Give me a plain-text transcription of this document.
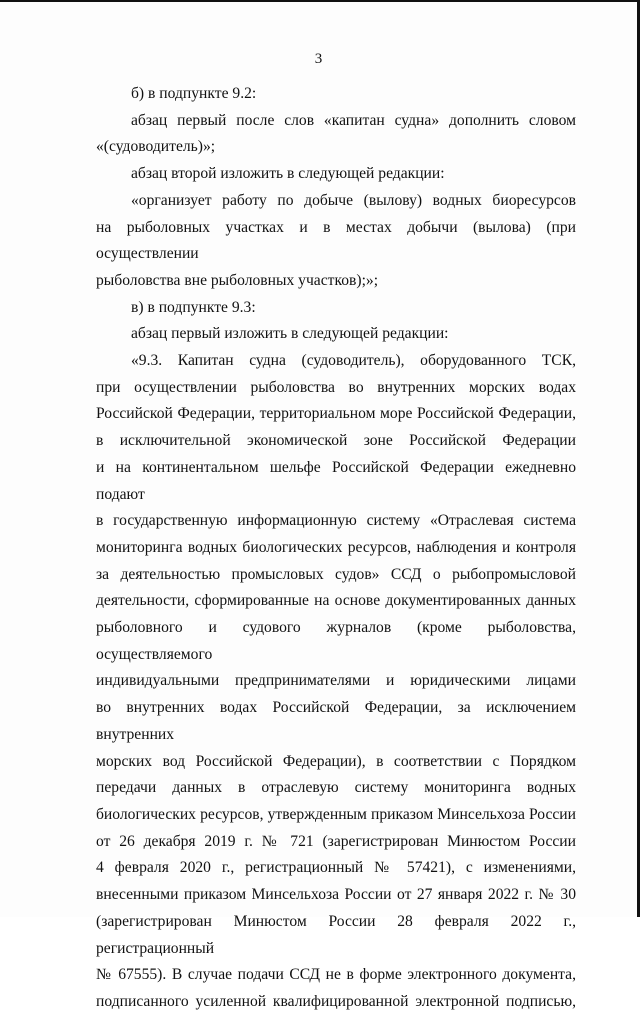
3

б) в подпункте 9.2:

абзац первый после слов «капитан судна» дополнить словом

«(судоводитель)»;

абзац второй изложить в следующей редакции:

«организует работу по добыче (вылову) водных биоресурсов

на рыболовных участках и в местах добычи (вылова) (при осуществлении

рыболовства вне рыболовных участков);»;

в) в подпункте 9.3:

абзац первый изложить в следующей редакции:

«9.3. Капитан судна (судоводитель), оборудованного ТСК,

при осуществлении рыболовства во внутренних морских водах

Российской Федерации, территориальном море Российской Федерации,

в исключительной экономической зоне Российской Федерации

и на континентальном шельфе Российской Федерации ежедневно подают

в государственную информационную систему «Отраслевая система

мониторинга водных биологических ресурсов, наблюдения и контроля

за деятельностью промысловых судов» ССД о рыбопромысловой

деятельности, сформированные на основе документированных данных

рыболовного и судового журналов (кроме рыболовства, осуществляемого

индивидуальными предпринимателями и юридическими лицами

во внутренних водах Российской Федерации, за исключением внутренних

морских вод Российской Федерации), в соответствии с Порядком

передачи данных в отраслевую систему мониторинга водных

биологических ресурсов, утвержденным приказом Минсельхоза России

от 26 декабря 2019 г. № 721 (зарегистрирован Минюстом России

4 февраля 2020 г., регистрационный № 57421), с изменениями,

внесенными приказом Минсельхоза России от 27 января 2022 г. № 30

(зарегистрирован Минюстом России 28 февраля 2022 г., регистрационный

№ 67555). В случае подачи ССД не в форме электронного документа,

подписанного усиленной квалифицированной электронной подписью,
